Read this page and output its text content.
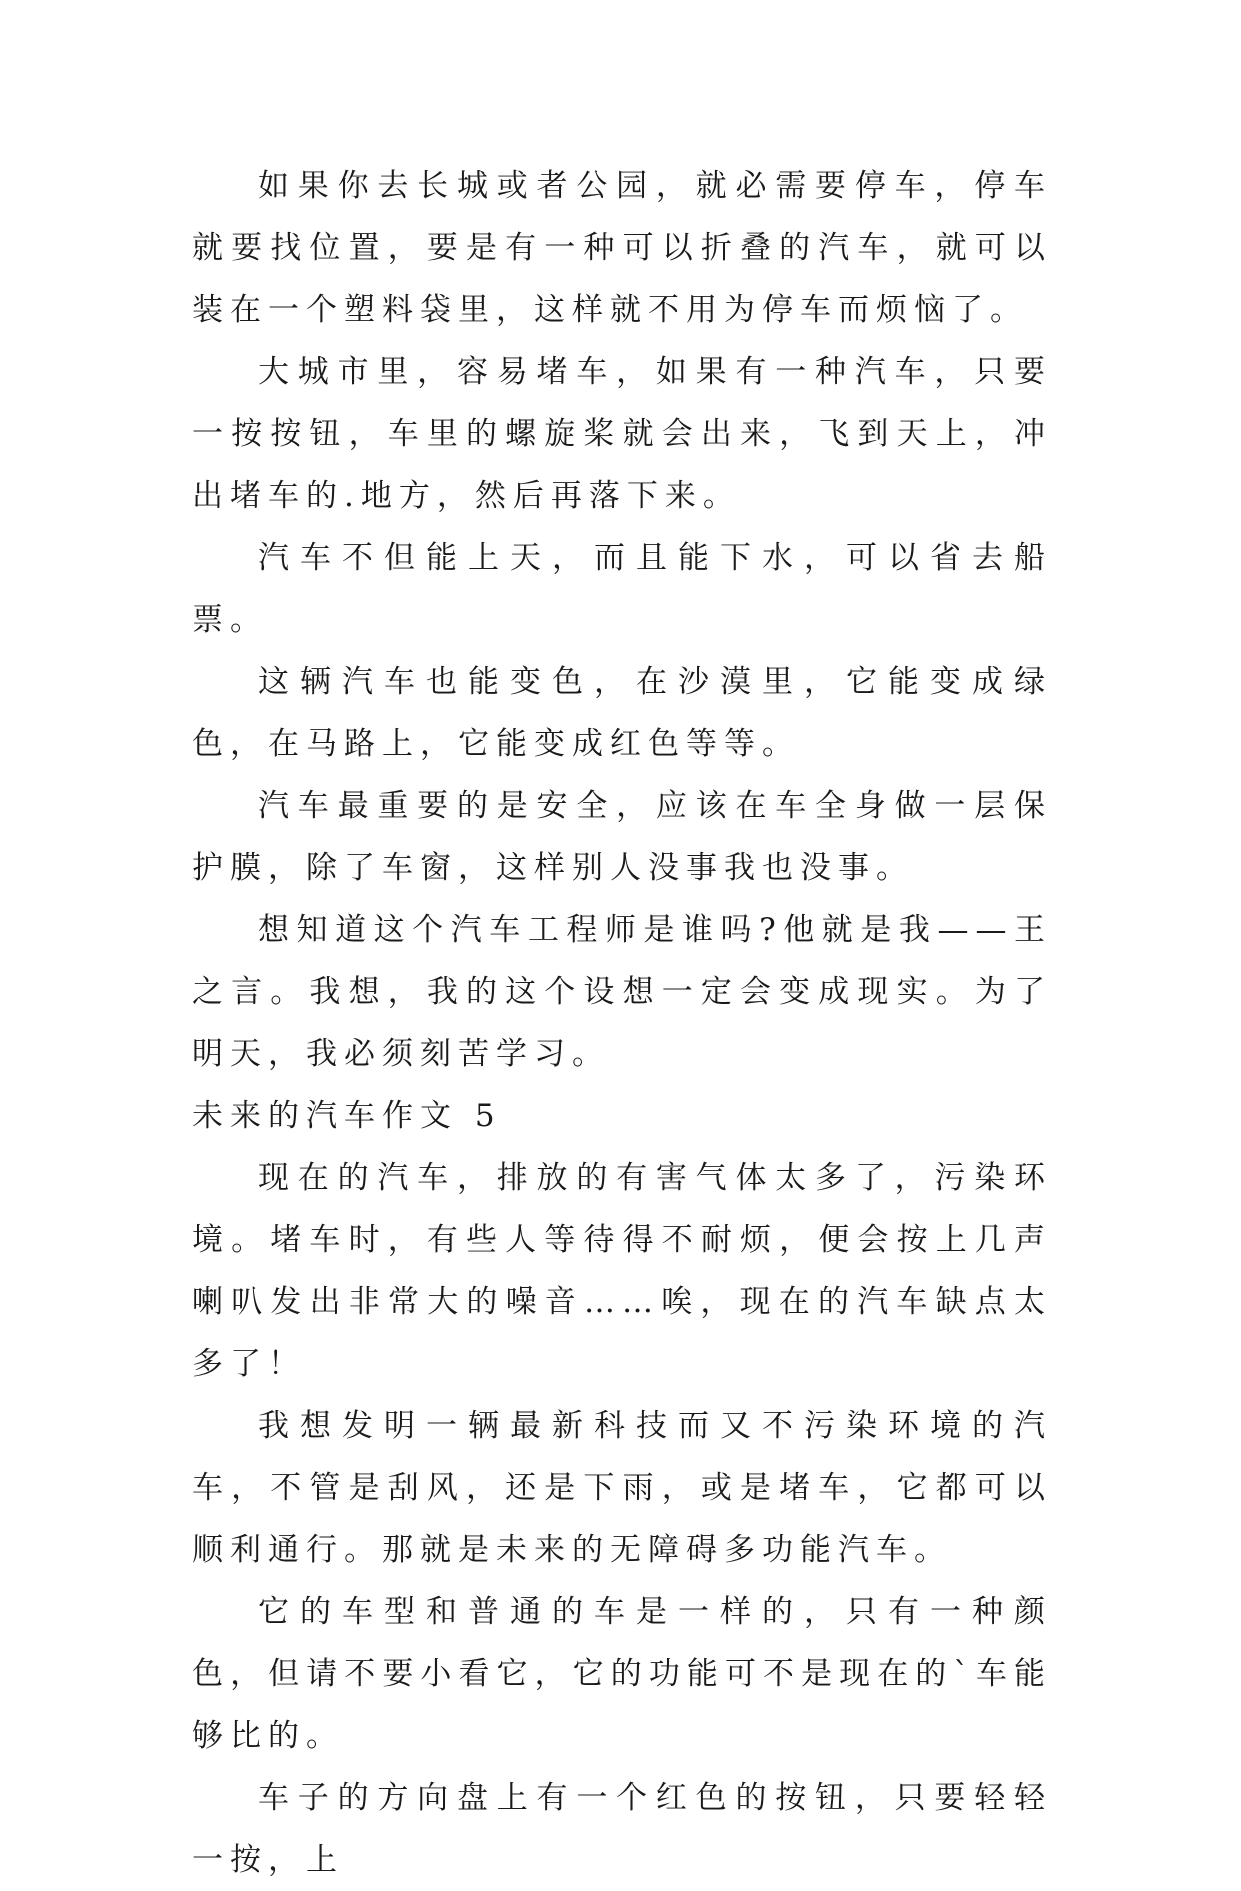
如果你去长城或者公园，就必需要停车，停车就要找位置，要是有一种可以折叠的汽车，就可以装在一个塑料袋里，这样就不用为停车而烦恼了。

大城市里，容易堵车，如果有一种汽车，只要一按按钮，车里的螺旋桨就会出来，飞到天上，冲出堵车的.地方，然后再落下来。

汽车不但能上天，而且能下水，可以省去船票。

这辆汽车也能变色，在沙漠里，它能变成绿色，在马路上，它能变成红色等等。

汽车最重要的是安全，应该在车全身做一层保护膜，除了车窗，这样别人没事我也没事。

想知道这个汽车工程师是谁吗?他就是我——王之言。我想，我的这个设想一定会变成现实。为了明天，我必须刻苦学习。

未来的汽车作文 5

现在的汽车，排放的有害气体太多了，污染环境。堵车时，有些人等待得不耐烦，便会按上几声喇叭发出非常大的噪音……唉，现在的汽车缺点太多了！

我想发明一辆最新科技而又不污染环境的汽车，不管是刮风，还是下雨，或是堵车，它都可以顺利通行。那就是未来的无障碍多功能汽车。

它的车型和普通的车是一样的，只有一种颜色，但请不要小看它，它的功能可不是现在的`车能够比的。

车子的方向盘上有一个红色的按钮，只要轻轻一按，上
